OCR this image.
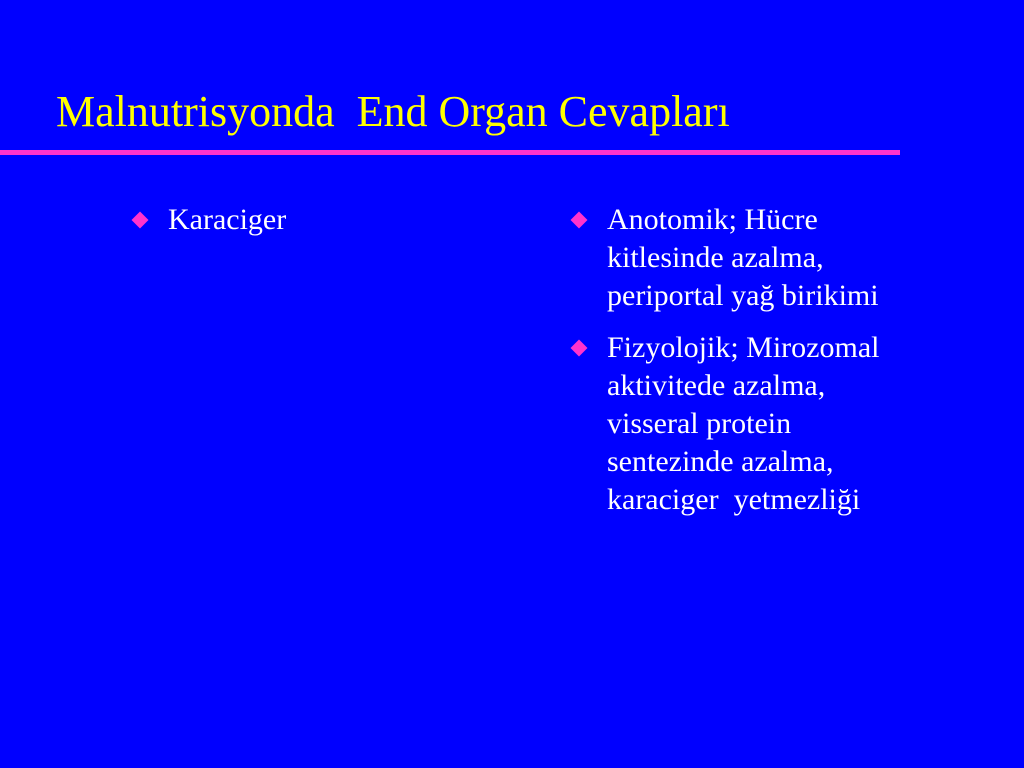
Malnutrisyonda  End Organ Cevapları
Karaciger	Anotomik; Hücre
kitlesinde azalma,
periportal yağ birikimi
Fizyolojik; Mirozomal
aktivitede azalma,
visseral protein
sentezinde azalma,
karaciger  yetmezliği
